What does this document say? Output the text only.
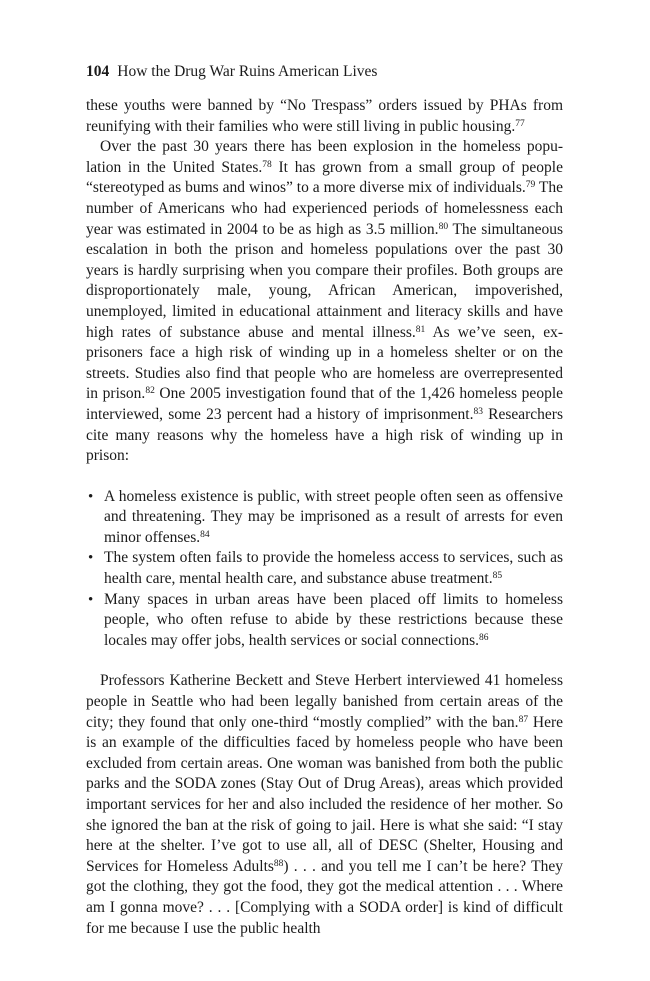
104 How the Drug War Ruins American Lives

these youths were banned by “No Trespass” orders issued by PHAs from reunifying with their families who were still living in public housing.$^{77}$

Over the past 30 years there has been explosion in the homeless population in the United States.$^{78}$ It has grown from a small group of people “stereotyped as bums and winos” to a more diverse mix of individuals.$^{79}$ The number of Americans who had experienced periods of homelessness each year was estimated in 2004 to be as high as 3.5 million.$^{80}$ The simultaneous escalation in both the prison and homeless populations over the past 30 years is hardly surprising when you compare their profiles. Both groups are disproportionately male, young, African American, impoverished, unemployed, limited in educational attainment and literacy skills and have high rates of substance abuse and mental illness.$^{81}$ As we’ve seen, ex-prisoners face a high risk of winding up in a homeless shelter or on the streets. Studies also find that people who are homeless are overrepresented in prison.$^{82}$ One 2005 investigation found that of the 1,426 homeless people interviewed, some 23 percent had a history of imprisonment.$^{83}$ Researchers cite many reasons why the homeless have a high risk of winding up in prison:

• A homeless existence is public, with street people often seen as offensive and threatening. They may be imprisoned as a result of arrests for even minor offenses.$^{84}$
• The system often fails to provide the homeless access to services, such as health care, mental health care, and substance abuse treatment.$^{85}$
• Many spaces in urban areas have been placed off limits to homeless people, who often refuse to abide by these restrictions because these locales may offer jobs, health services or social connections.$^{86}$

Professors Katherine Beckett and Steve Herbert interviewed 41 homeless people in Seattle who had been legally banished from certain areas of the city; they found that only one-third “mostly complied” with the ban.$^{87}$ Here is an example of the difficulties faced by homeless people who have been excluded from certain areas. One woman was banished from both the public parks and the SODA zones (Stay Out of Drug Areas), areas which provided important services for her and also included the residence of her mother. So she ignored the ban at the risk of going to jail. Here is what she said: “I stay here at the shelter. I’ve got to use all, all of DESC (Shelter, Housing and Services for Homeless Adults$^{88}$) . . . and you tell me I can’t be here? They got the clothing, they got the food, they got the medical attention . . . Where am I gonna move? . . . [Complying with a SODA order] is kind of difficult for me because I use the public health
